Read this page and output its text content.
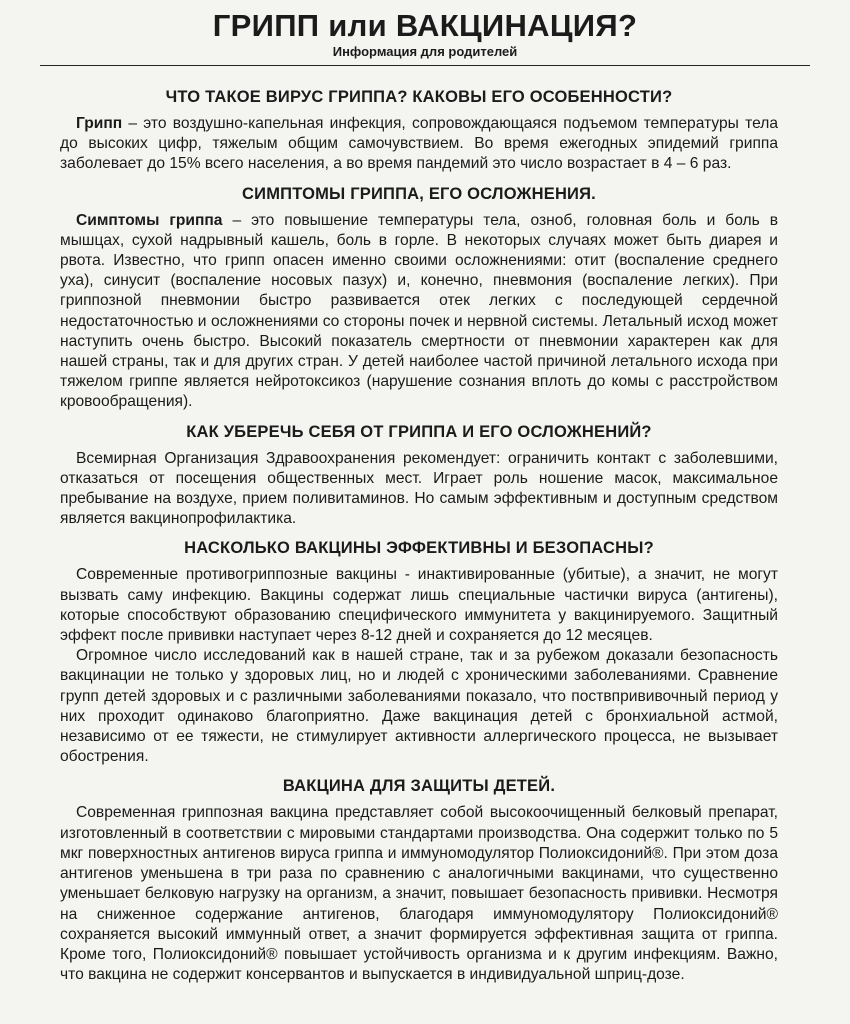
ГРИПП или ВАКЦИНАЦИЯ?
Информация для родителей
ЧТО ТАКОЕ ВИРУС ГРИППА? КАКОВЫ ЕГО ОСОБЕННОСТИ?

Грипп – это воздушно-капельная инфекция, сопровождающаяся подъемом температуры тела до высоких цифр, тяжелым общим самочувствием. Во время ежегодных эпидемий гриппа заболевает до 15% всего населения, а во время пандемий это число возрастает в 4 – 6 раз.

СИМПТОМЫ ГРИППА, ЕГО ОСЛОЖНЕНИЯ.

Симптомы гриппа – это повышение температуры тела, озноб, головная боль и боль в мышцах, сухой надрывный кашель, боль в горле. В некоторых случаях может быть диарея и рвота. Известно, что грипп опасен именно своими осложнениями: отит (воспаление среднего уха), синусит (воспаление носовых пазух) и, конечно, пневмония (воспаление легких). При гриппозной пневмонии быстро развивается отек легких с последующей сердечной недостаточностью и осложнениями со стороны почек и нервной системы. Летальный исход может наступить очень быстро. Высокий показатель смертности от пневмонии характерен как для нашей страны, так и для других стран. У детей наиболее частой причиной летального исхода при тяжелом гриппе является нейротоксикоз (нарушение сознания вплоть до комы с расстройством кровообращения).

КАК УБЕРЕЧЬ СЕБЯ ОТ ГРИППА И ЕГО ОСЛОЖНЕНИЙ?

Всемирная Организация Здравоохранения рекомендует: ограничить контакт с заболевшими, отказаться от посещения общественных мест. Играет роль ношение масок, максимальное пребывание на воздухе, прием поливитаминов. Но самым эффективным и доступным средством является вакцинопрофилактика.

НАСКОЛЬКО ВАКЦИНЫ ЭФФЕКТИВНЫ И БЕЗОПАСНЫ?

Современные противогриппозные вакцины - инактивированные (убитые), а значит, не могут вызвать саму инфекцию. Вакцины содержат лишь специальные частички вируса (антигены), которые способствуют образованию специфического иммунитета у вакцинируемого. Защитный эффект после прививки наступает через 8-12 дней и сохраняется до 12 месяцев.

Огромное число исследований как в нашей стране, так и за рубежом доказали безопасность вакцинации не только у здоровых лиц, но и людей с хроническими заболеваниями. Сравнение групп детей здоровых и с различными заболеваниями показало, что поствпрививочный период у них проходит одинаково благоприятно. Даже вакцинация детей с бронхиальной астмой, независимо от ее тяжести, не стимулирует активности аллергического процесса, не вызывает обострения.

ВАКЦИНА ДЛЯ ЗАЩИТЫ ДЕТЕЙ.

Современная гриппозная вакцина представляет собой высокоочищенный белковый препарат, изготовленный в соответствии с мировыми стандартами производства. Она содержит только по 5 мкг поверхностных антигенов вируса гриппа и иммуномодулятор Полиоксидоний®. При этом доза антигенов уменьшена в три раза по сравнению с аналогичными вакцинами, что существенно уменьшает белковую нагрузку на организм, а значит, повышает безопасность прививки. Несмотря на сниженное содержание антигенов, благодаря иммуномодулятору Полиоксидоний® сохраняется высокий иммунный ответ, а значит формируется эффективная защита от гриппа. Кроме того, Полиоксидоний® повышает устойчивость организма и к другим инфекциям. Важно, что вакцина не содержит консервантов и выпускается в индивидуальной шприц-дозе.
